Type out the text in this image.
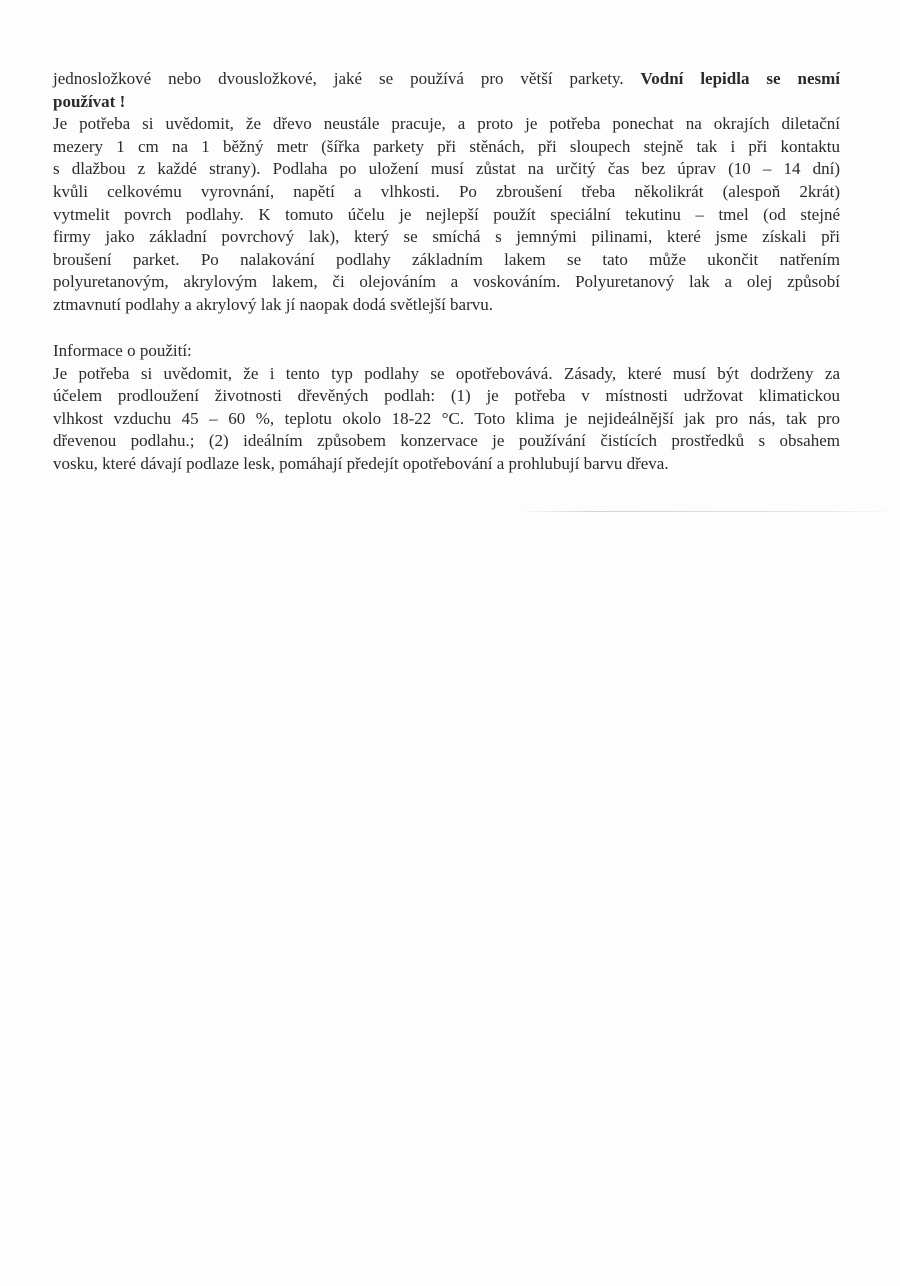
jednosložkové nebo dvousložkové, jaké se používá pro větší parkety. Vodní lepidla se nesmí
používat !
Je potřeba si uvědomit, že dřevo neustále pracuje, a proto je potřeba ponechat na okrajích diletační
mezery 1 cm na 1 běžný metr (šířka parkety při stěnách, při sloupech stejně tak i při kontaktu
s dlažbou z každé strany). Podlaha po uložení musí zůstat na určitý čas bez úprav (10 – 14 dní)
kvůli celkovému vyrovnání, napětí a vlhkosti. Po zbroušení třeba několikrát (alespoň 2krát)
vytmelit povrch podlahy. K tomuto účelu je nejlepší použít speciální tekutinu – tmel (od stejné
firmy jako základní povrchový lak), který se smíchá s jemnými pilinami, které jsme získali při
broušení parket. Po nalakování podlahy základním lakem se tato může ukončit natřením
polyuretanovým, akrylovým lakem, či olejováním a voskováním. Polyuretanový lak a olej způsobí
ztmavnutí podlahy a akrylový lak jí naopak dodá světlejší barvu.
Informace o použití:
Je potřeba si uvědomit, že i tento typ podlahy se opotřebovává. Zásady, které musí být dodrženy za
účelem prodloužení životnosti dřevěných podlah: (1) je potřeba v místnosti udržovat klimatickou
vlhkost vzduchu 45 – 60 %, teplotu okolo 18-22 °C. Toto klima je nejideálnější jak pro nás, tak pro
dřevenou podlahu.; (2) ideálním způsobem konzervace je používání čistících prostředků s obsahem
vosku, které dávají podlaze lesk, pomáhají předejít opotřebování a prohlubují barvu dřeva.
